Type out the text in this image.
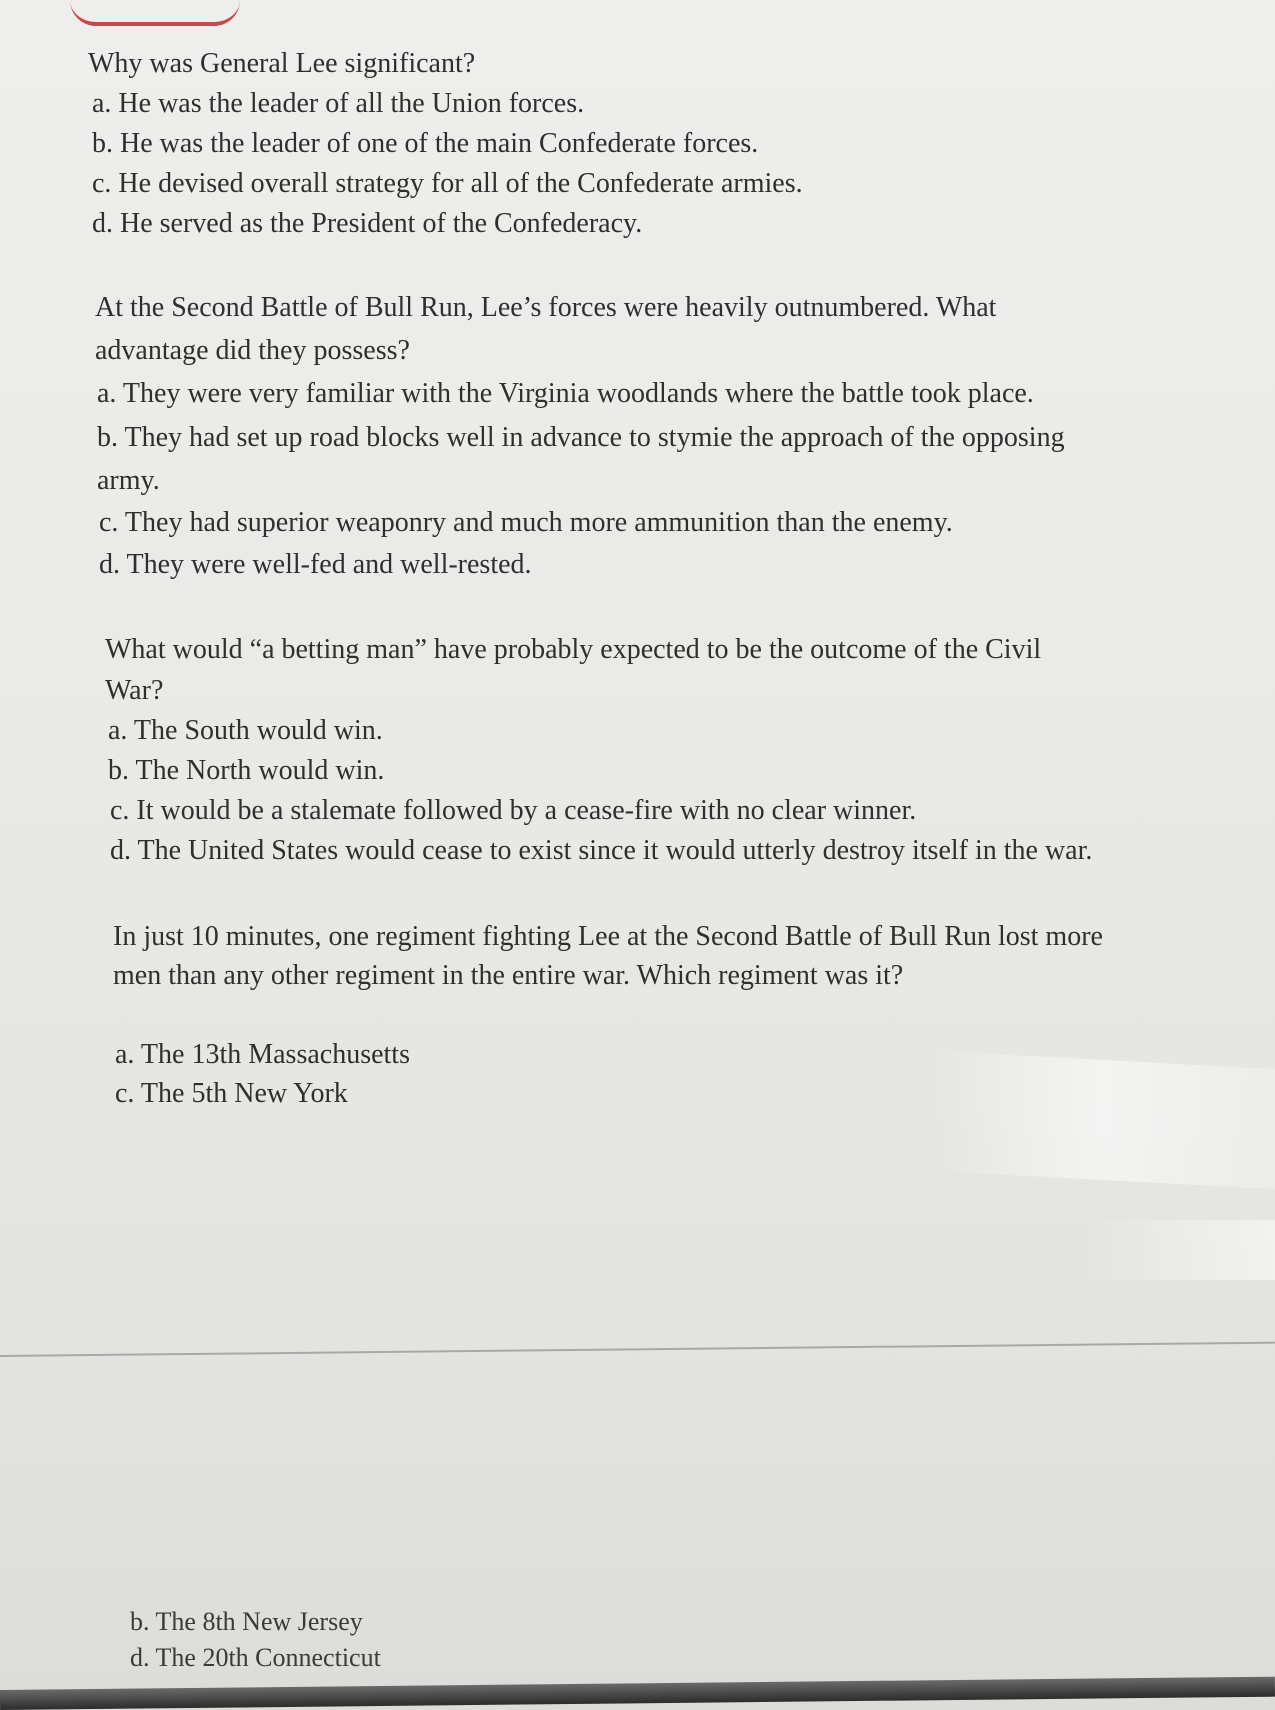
Why was General Lee significant?
a. He was the leader of all the Union forces.
b. He was the leader of one of the main Confederate forces.
c. He devised overall strategy for all of the Confederate armies.
d. He served as the President of the Confederacy.
At the Second Battle of Bull Run, Lee’s forces were heavily outnumbered. What
advantage did they possess?
a. They were very familiar with the Virginia woodlands where the battle took place.
b. They had set up road blocks well in advance to stymie the approach of the opposing
army.
c. They had superior weaponry and much more ammunition than the enemy.
d. They were well-fed and well-rested.
What would “a betting man” have probably expected to be the outcome of the Civil
War?
a. The South would win.
b. The North would win.
c. It would be a stalemate followed by a cease-fire with no clear winner.
d. The United States would cease to exist since it would utterly destroy itself in the war.
In just 10 minutes, one regiment fighting Lee at the Second Battle of Bull Run lost more
men than any other regiment in the entire war. Which regiment was it?
a. The 13th Massachusetts
c. The 5th New York
b. The 8th New Jersey
d. The 20th Connecticut
